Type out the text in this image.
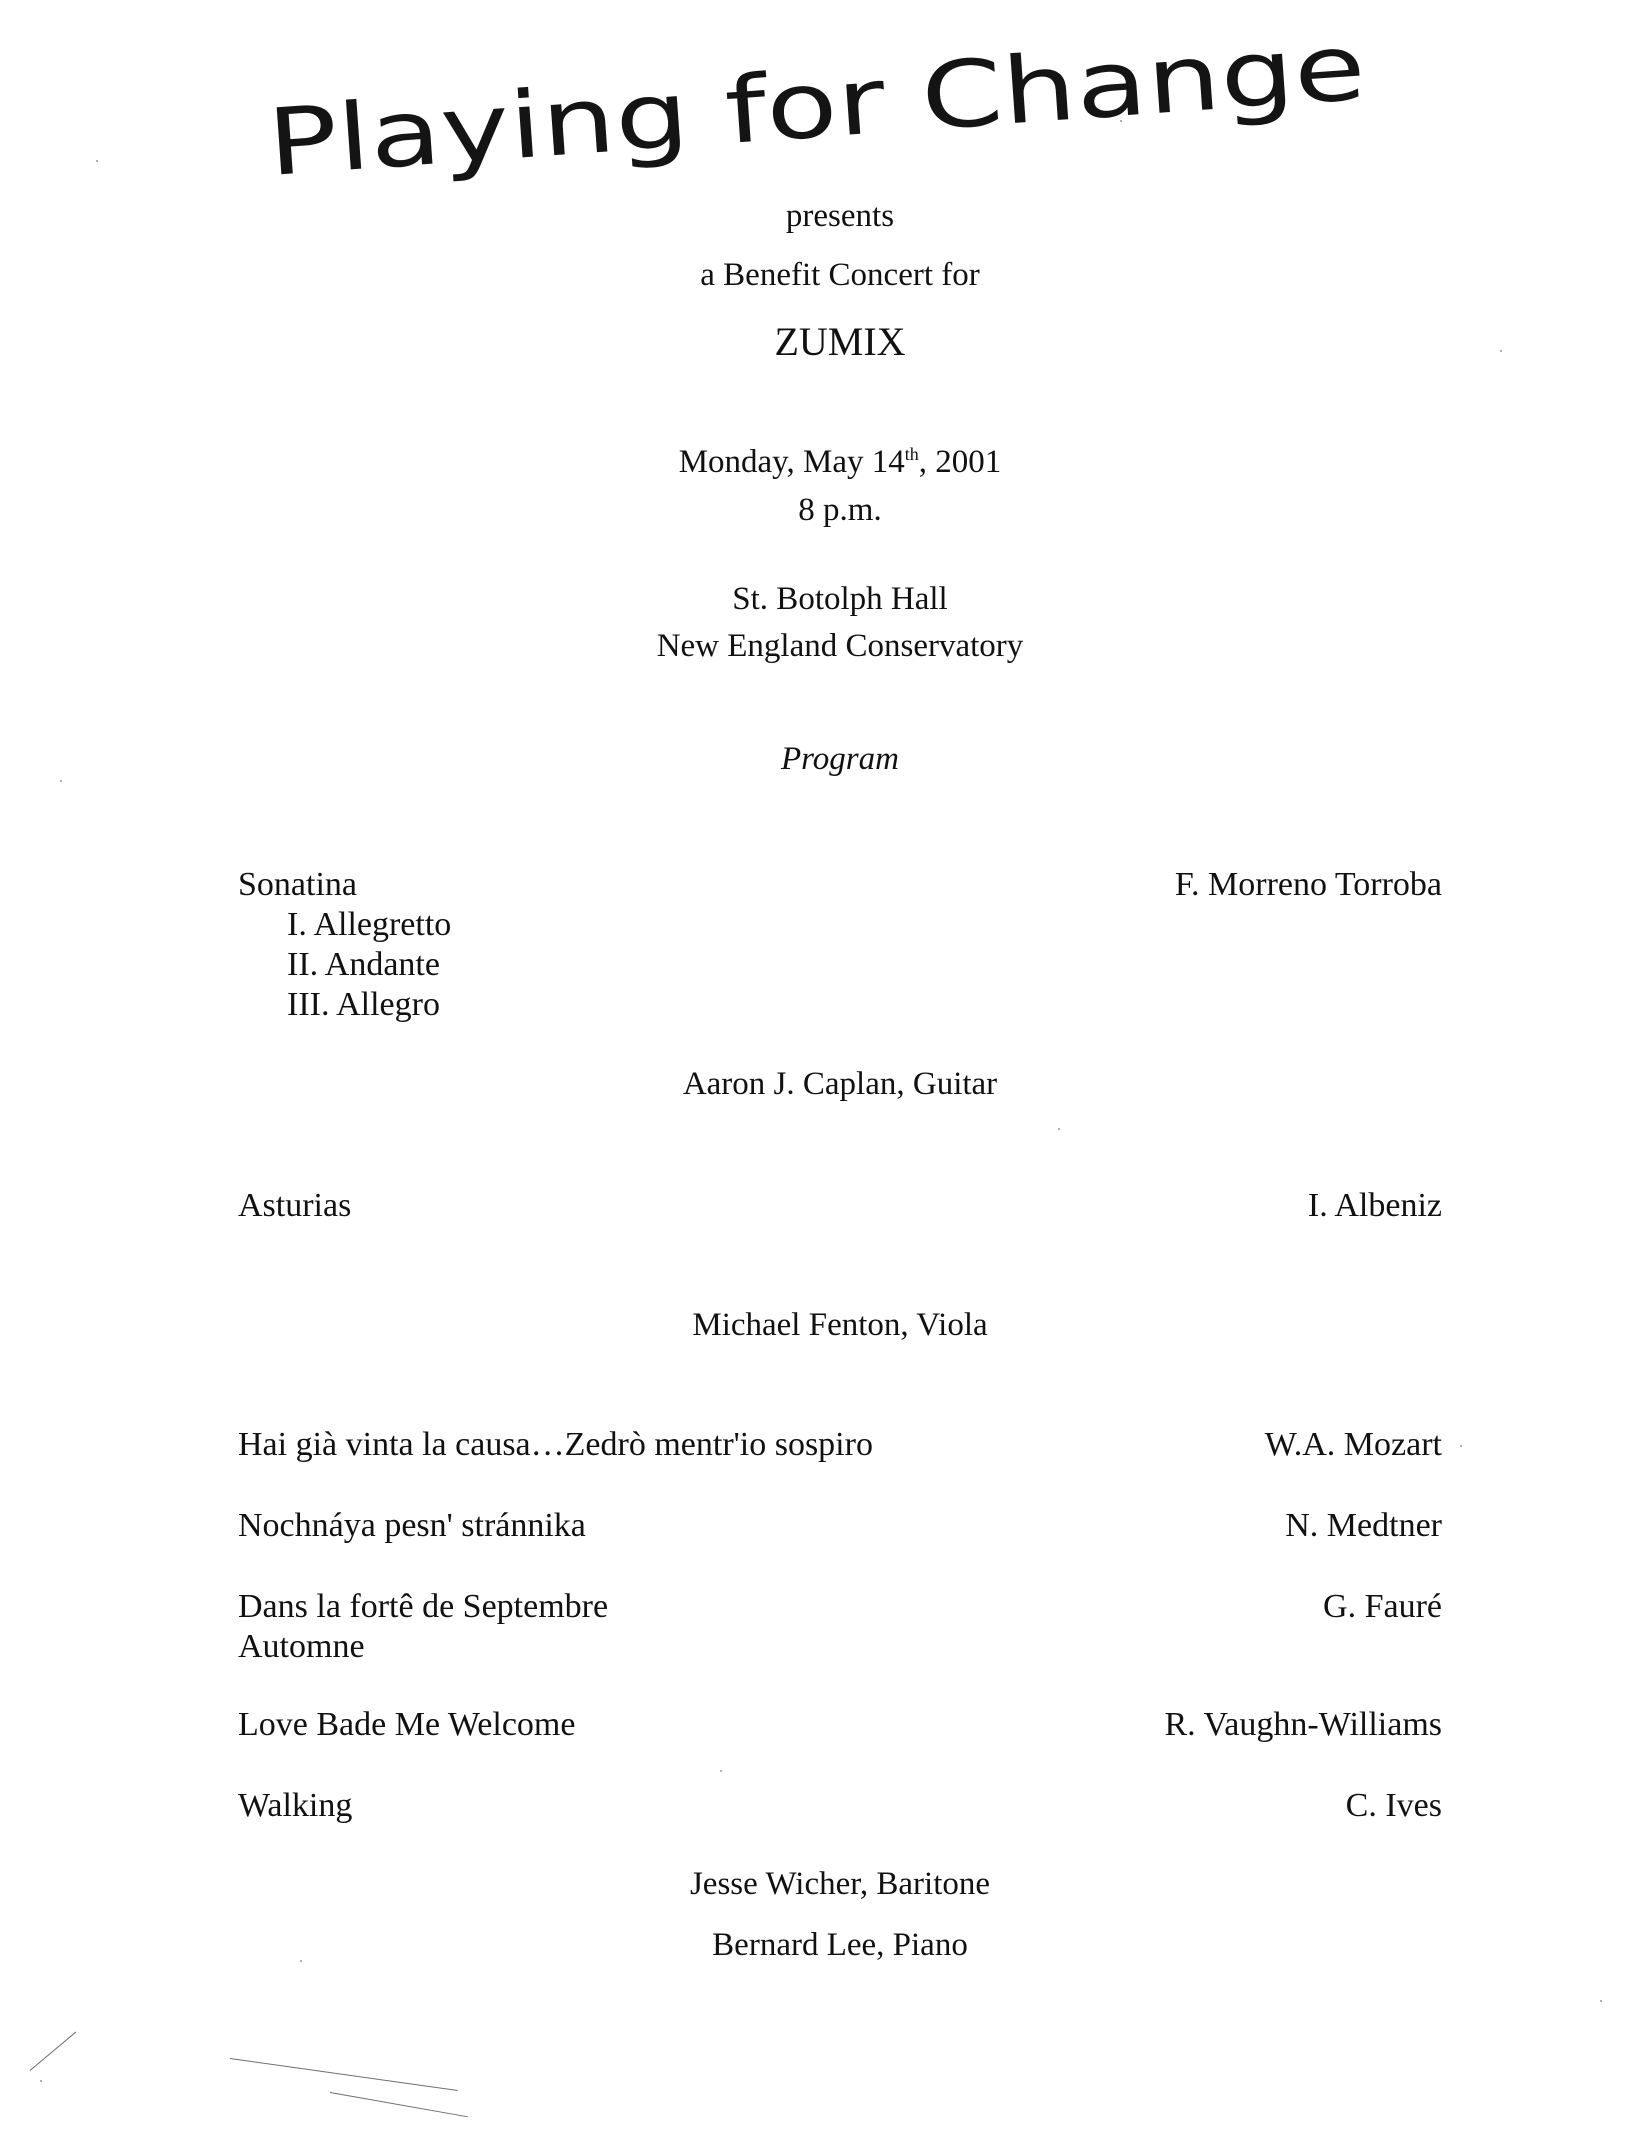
Playing for Change
presents
a Benefit Concert for
ZUMIX
Monday, May 14th, 2001
8 p.m.
St. Botolph Hall
New England Conservatory
Program
Sonatina	F. Morreno Torroba
I. Allegretto
II. Andante
III. Allegro
Aaron J. Caplan, Guitar
Asturias	I. Albeniz
Michael Fenton, Viola
Hai già vinta la causa…Zedrò mentr'io sospiro	W.A. Mozart
Nochnáya pesn' stránnika	N. Medtner
Dans la fortê de Septembre	G. Fauré
Automne
Love Bade Me Welcome	R. Vaughn-Williams
Walking	C. Ives
Jesse Wicher, Baritone
Bernard Lee, Piano
